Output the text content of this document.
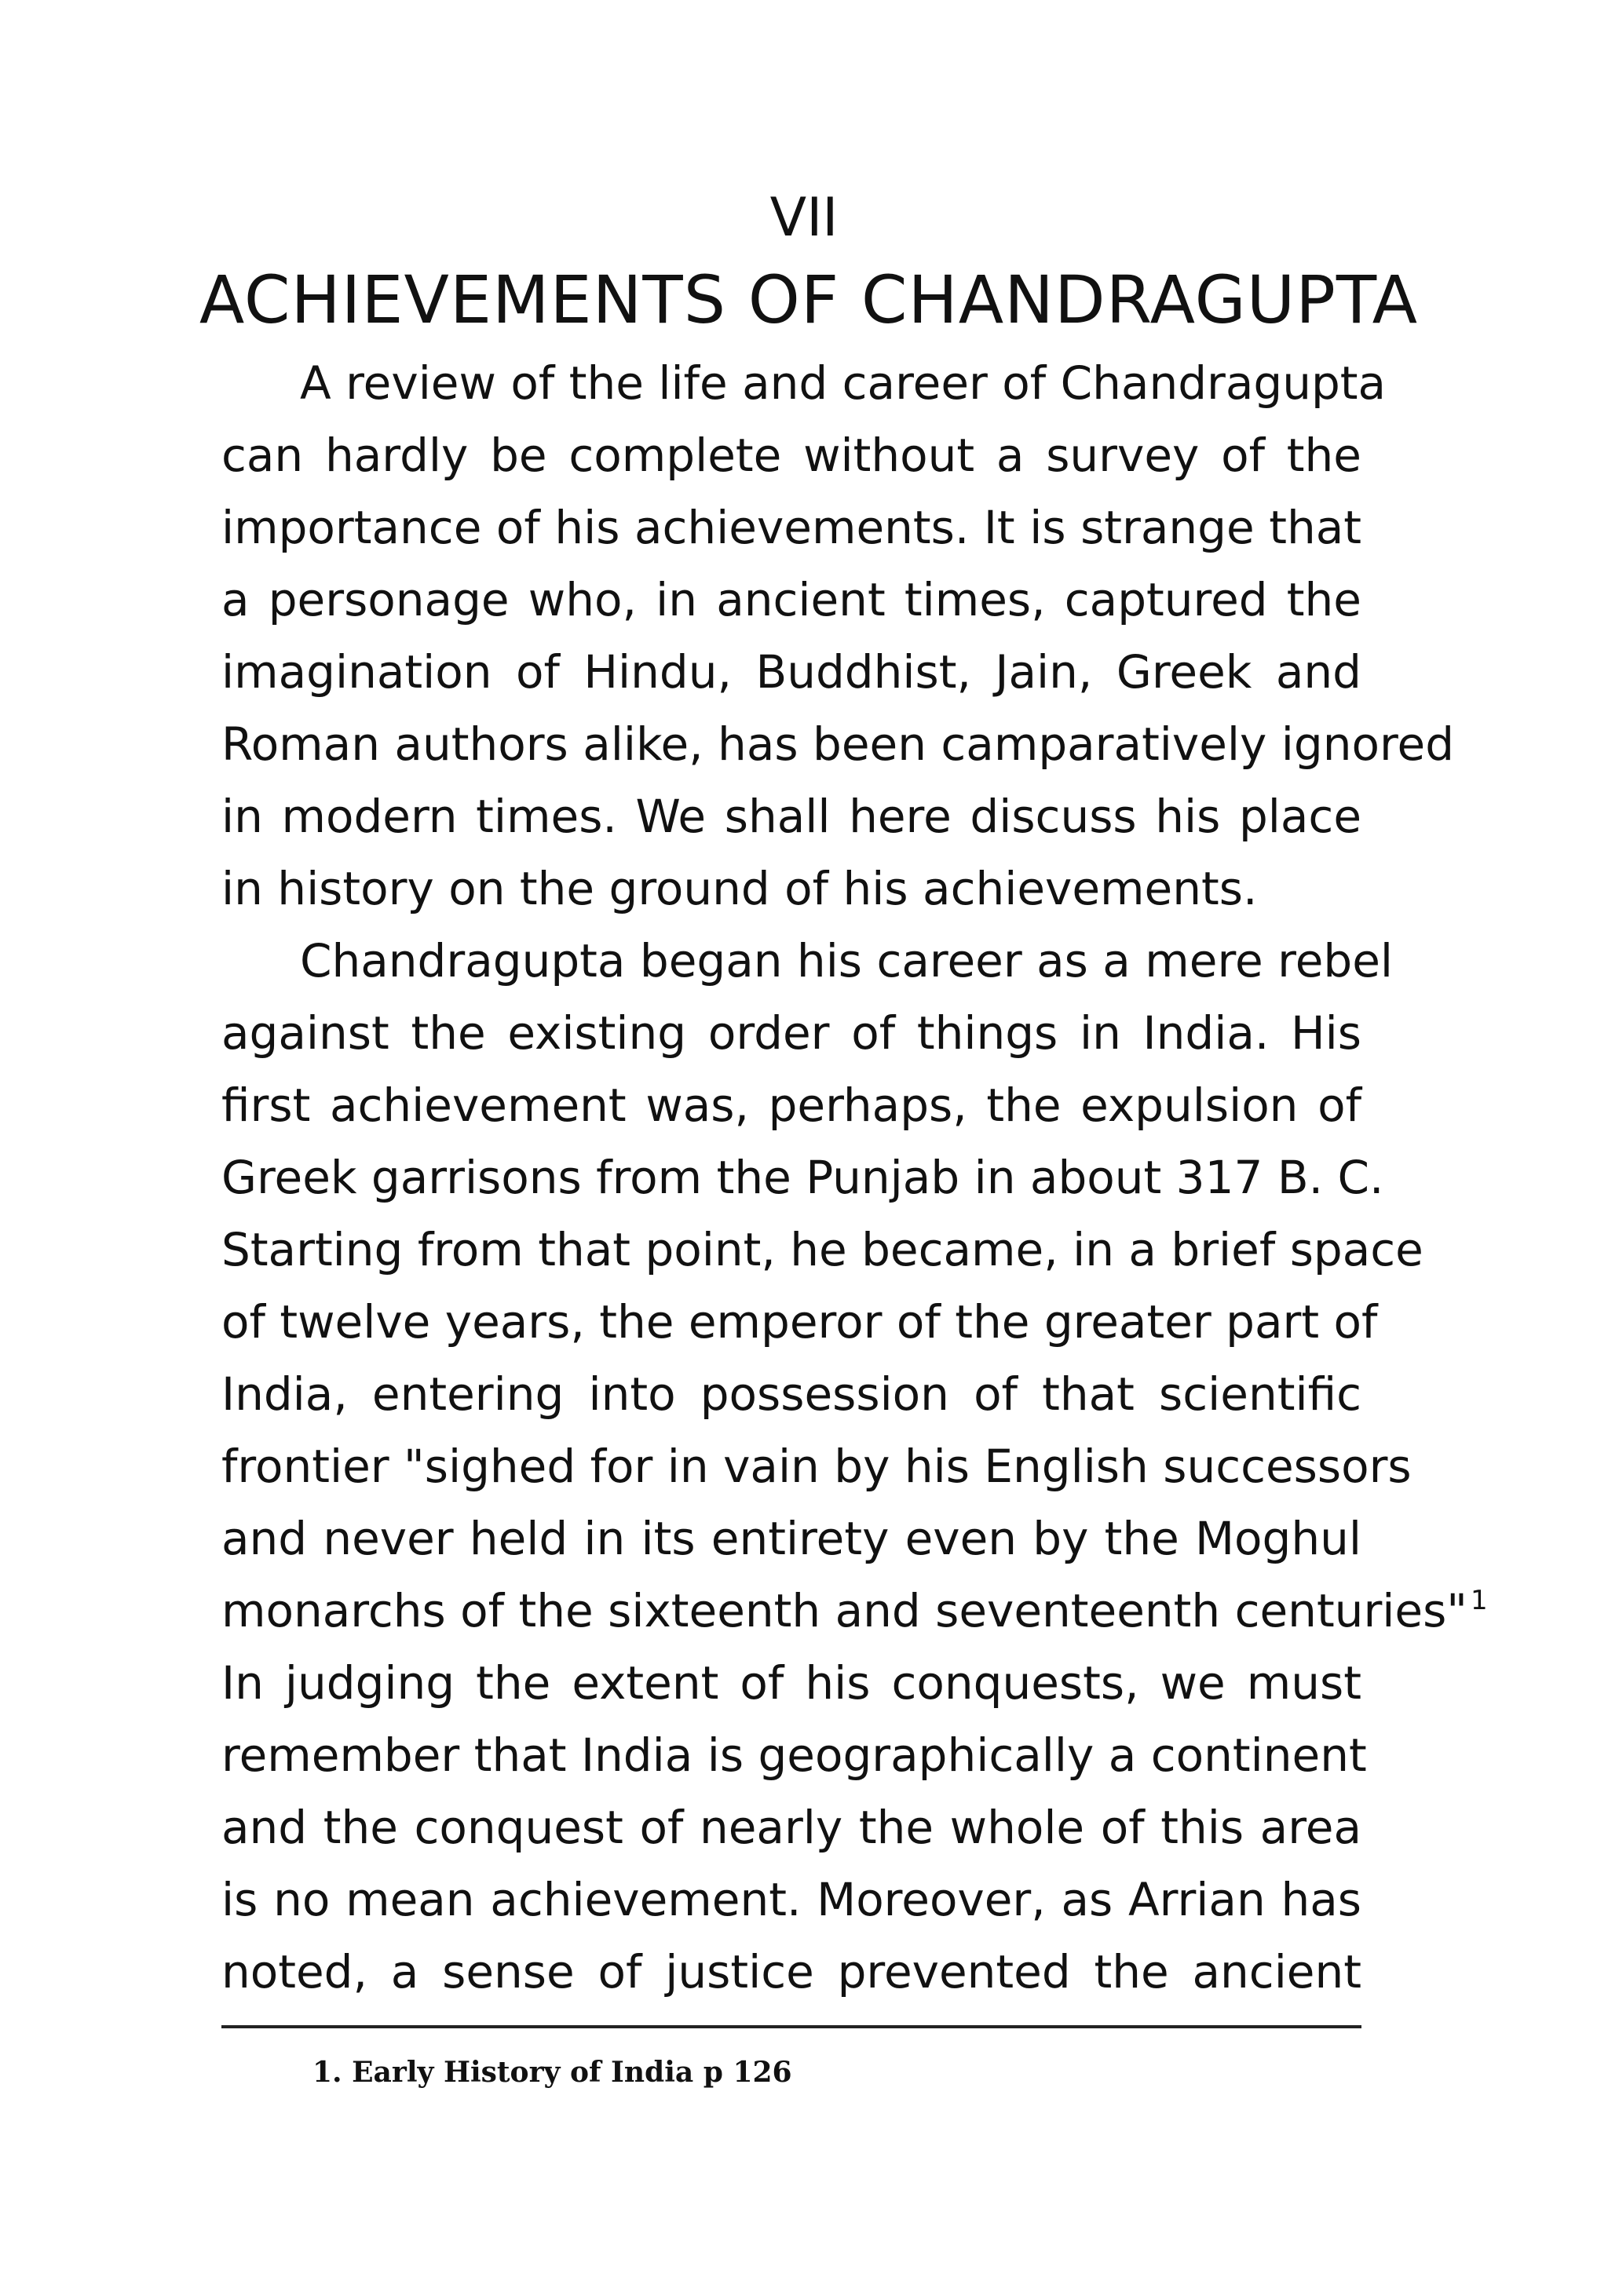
VII
ACHIEVEMENTS OF CHANDRAGUPTA
A review of the life and career of Chandragupta
can hardly be complete without a survey of the
importance of his achievements. It is strange that
a personage who, in ancient times, captured the
imagination of Hindu, Buddhist, Jain, Greek and
Roman authors alike, has been camparatively ignored
in modern times. We shall here discuss his place
in history on the ground of his achievements.
Chandragupta began his career as a mere rebel
against the existing order of things in India. His
first achievement was, perhaps, the expulsion of
Greek garrisons from the Punjab in about 317 B. C.
Starting from that point, he became, in a brief space
of twelve years, the emperor of the greater part of
India, entering into possession of that scientific
frontier "sighed for in vain by his English successors
and never held in its entirety even by the Moghul
monarchs of the sixteenth and seventeenth centuries" $^1$
In judging the extent of his conquests, we must
remember that India is geographically a continent
and the conquest of nearly the whole of this area
is no mean achievement. Moreover, as Arrian has
noted, a sense of justice prevented the ancient

1. Early History of India p 126
